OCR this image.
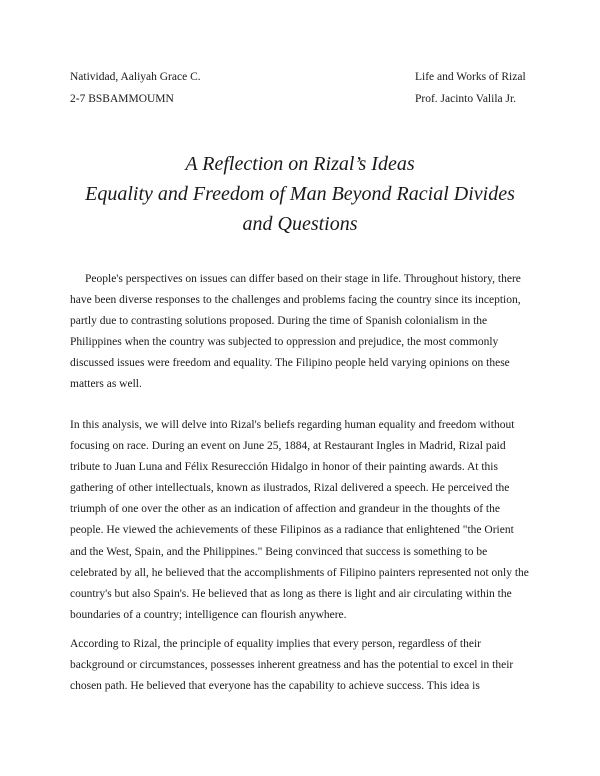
Natividad, Aaliyah Grace C.	Life and Works of Rizal
2-7 BSBAMMOUMN	Prof. Jacinto Valila Jr.
A Reflection on Rizal’s Ideas
Equality and Freedom of Man Beyond Racial Divides
and Questions

People's perspectives on issues can differ based on their stage in life. Throughout history, there have been diverse responses to the challenges and problems facing the country since its inception, partly due to contrasting solutions proposed. During the time of Spanish colonialism in the Philippines when the country was subjected to oppression and prejudice, the most commonly discussed issues were freedom and equality. The Filipino people held varying opinions on these matters as well.

In this analysis, we will delve into Rizal's beliefs regarding human equality and freedom without focusing on race. During an event on June 25, 1884, at Restaurant Ingles in Madrid, Rizal paid tribute to Juan Luna and Félix Resurección Hidalgo in honor of their painting awards. At this gathering of other intellectuals, known as ilustrados, Rizal delivered a speech. He perceived the triumph of one over the other as an indication of affection and grandeur in the thoughts of the people. He viewed the achievements of these Filipinos as a radiance that enlightened "the Orient and the West, Spain, and the Philippines." Being convinced that success is something to be celebrated by all, he believed that the accomplishments of Filipino painters represented not only the country's but also Spain's. He believed that as long as there is light and air circulating within the boundaries of a country; intelligence can flourish anywhere.

According to Rizal, the principle of equality implies that every person, regardless of their background or circumstances, possesses inherent greatness and has the potential to excel in their chosen path. He believed that everyone has the capability to achieve success. This idea is
